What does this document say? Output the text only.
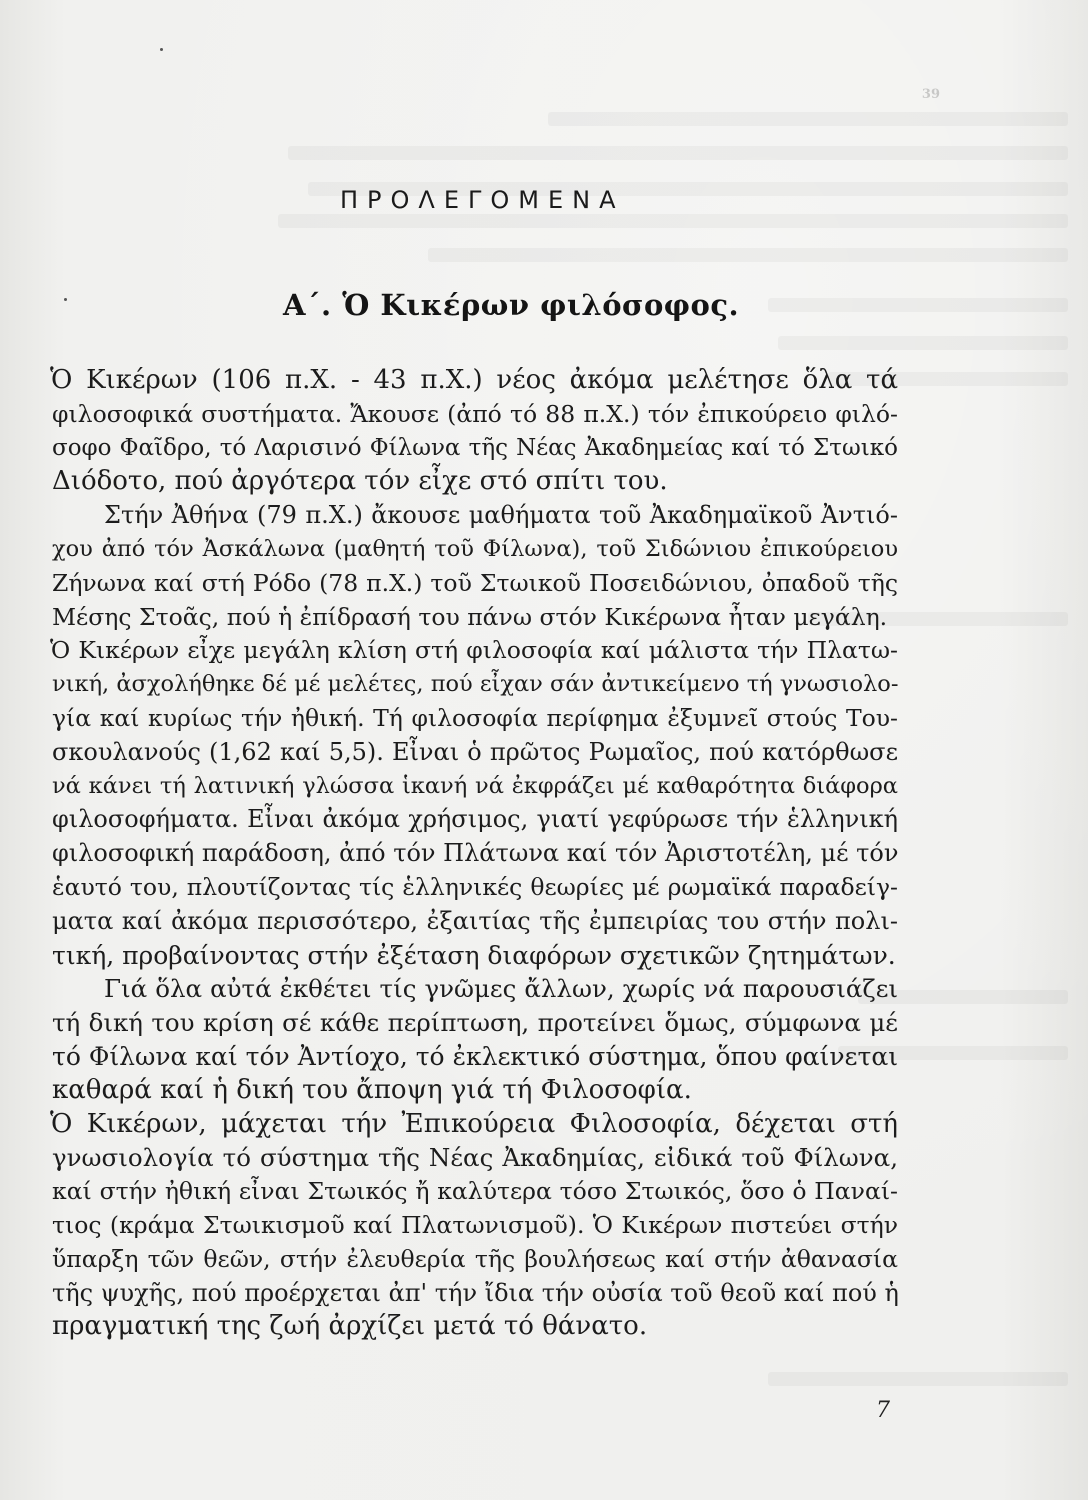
39
ΠΡΟΛΕΓΟΜΕΝΑ
Α΄. Ὁ Κικέρων φιλόσοφος.
Ὁ Κικέρων (106 π.Χ. - 43 π.Χ.) νέος ἀκόμα μελέτησε ὅλα τά
φιλοσοφικά συστήματα. Ἄκουσε (ἀπό τό 88 π.Χ.) τόν ἐπικούρειο φιλό-
σοφο Φαῖδρο, τό Λαρισινό Φίλωνα τῆς Νέας Ἀκαδημείας καί τό Στωικό
Διόδοτο, πού ἀργότερα τόν εἶχε στό σπίτι του.
Στήν Ἀθήνα (79 π.Χ.) ἄκουσε μαθήματα τοῦ Ἀκαδημαϊκοῦ Ἀντιό-
χου ἀπό τόν Ἀσκάλωνα (μαθητή τοῦ Φίλωνα), τοῦ Σιδώνιου ἐπικούρειου
Ζήνωνα καί στή Ρόδο (78 π.Χ.) τοῦ Στωικοῦ Ποσειδώνιου, ὀπαδοῦ τῆς
Μέσης Στοᾶς, πού ἡ ἐπίδρασή του πάνω στόν Κικέρωνα ἦταν μεγάλη.
Ὁ Κικέρων εἶχε μεγάλη κλίση στή φιλοσοφία καί μάλιστα τήν Πλατω-
νική, ἀσχολήθηκε δέ μέ μελέτες, πού εἶχαν σάν ἀντικείμενο τή γνωσιολο-
γία καί κυρίως τήν ἠθική. Τή φιλοσοφία περίφημα ἐξυμνεῖ στούς Του-
σκουλανούς (1,62 καί 5,5). Εἶναι ὁ πρῶτος Ρωμαῖος, πού κατόρθωσε
νά κάνει τή λατινική γλώσσα ἱκανή νά ἐκφράζει μέ καθαρότητα διάφορα
φιλοσοφήματα. Εἶναι ἀκόμα χρήσιμος, γιατί γεφύρωσε τήν ἑλληνική
φιλοσοφική παράδοση, ἀπό τόν Πλάτωνα καί τόν Ἀριστοτέλη, μέ τόν
ἑαυτό του, πλουτίζοντας τίς ἑλληνικές θεωρίες μέ ρωμαϊκά παραδείγ-
ματα καί ἀκόμα περισσότερο, ἐξαιτίας τῆς ἐμπειρίας του στήν πολι-
τική, προβαίνοντας στήν ἐξέταση διαφόρων σχετικῶν ζητημάτων.
Γιά ὅλα αὐτά ἐκθέτει τίς γνῶμες ἄλλων, χωρίς νά παρουσιάζει
τή δική του κρίση σέ κάθε περίπτωση, προτείνει ὅμως, σύμφωνα μέ
τό Φίλωνα καί τόν Ἀντίοχο, τό ἐκλεκτικό σύστημα, ὅπου φαίνεται
καθαρά καί ἡ δική του ἄποψη γιά τή Φιλοσοφία.
Ὁ Κικέρων, μάχεται τήν Ἐπικούρεια Φιλοσοφία, δέχεται στή
γνωσιολογία τό σύστημα τῆς Νέας Ἀκαδημίας, εἰδικά τοῦ Φίλωνα,
καί στήν ἠθική εἶναι Στωικός ἤ καλύτερα τόσο Στωικός, ὅσο ὁ Παναί-
τιος (κράμα Στωικισμοῦ καί Πλατωνισμοῦ). Ὁ Κικέρων πιστεύει στήν
ὕπαρξη τῶν θεῶν, στήν ἐλευθερία τῆς βουλήσεως καί στήν ἀθανασία
τῆς ψυχῆς, πού προέρχεται ἀπ' τήν ἴδια τήν οὐσία τοῦ θεοῦ καί πού ἡ
πραγματική της ζωή ἀρχίζει μετά τό θάνατο.
7
